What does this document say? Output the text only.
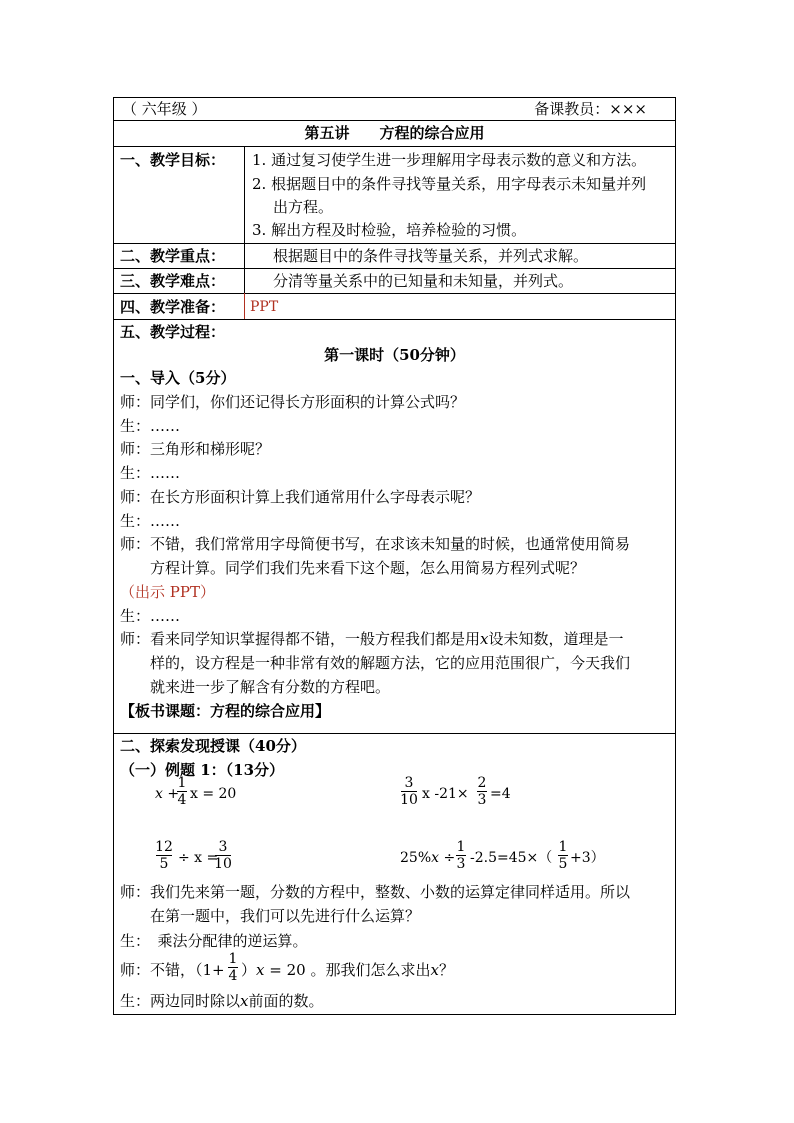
（ 六年级 ）	备课教员：×××
第五讲　　方程的综合应用
一、教学目标： 1. 通过复习使学生进一步理解用字母表示数的意义和方法。
2. 根据题目中的条件寻找等量关系，用字母表示未知量并列
出方程。
3. 解出方程及时检验，培养检验的习惯。
二、教学重点：	根据题目中的条件寻找等量关系，并列式求解。
三、教学难点：	分清等量关系中的已知量和未知量，并列式。
四、教学准备： PPT
五、教学过程：
第一课时（50分钟）
一、导入（5分）
师：同学们，你们还记得长方形面积的计算公式吗？
生：……
师：三角形和梯形呢？
生：……
师：在长方形面积计算上我们通常用什么字母表示呢？
生：……
师：不错，我们常常用字母简便书写，在求该未知量的时候，也通常使用简易
方程计算。同学们我们先来看下这个题，怎么用简易方程列式呢？
（出示 PPT）
生：……
师：看来同学知识掌握得都不错，一般方程我们都是用x设未知数，道理是一
样的，设方程是一种非常有效的解题方法，它的应用范围很广，今天我们
就来进一步了解含有分数的方程吧。
【板书课题：方程的综合应用】
二、探索发现授课（40分）
（一）例题 1：（13分）
x +
1
4 x = 20
3
10 x -21×
2
3 =4
12
5 ÷ x =
3
10	25%x ÷
1
3 -2.5=45×（
1
5 +3）
师：我们先来第一题，分数的方程中，整数、小数的运算定律同样适用。所以
在第一题中，我们可以先进行什么运算？
生：　乘法分配律的逆运算。
师：不错，（1+
1
4 ）x = 20 。那我们怎么求出x？
生：两边同时除以x前面的数。
